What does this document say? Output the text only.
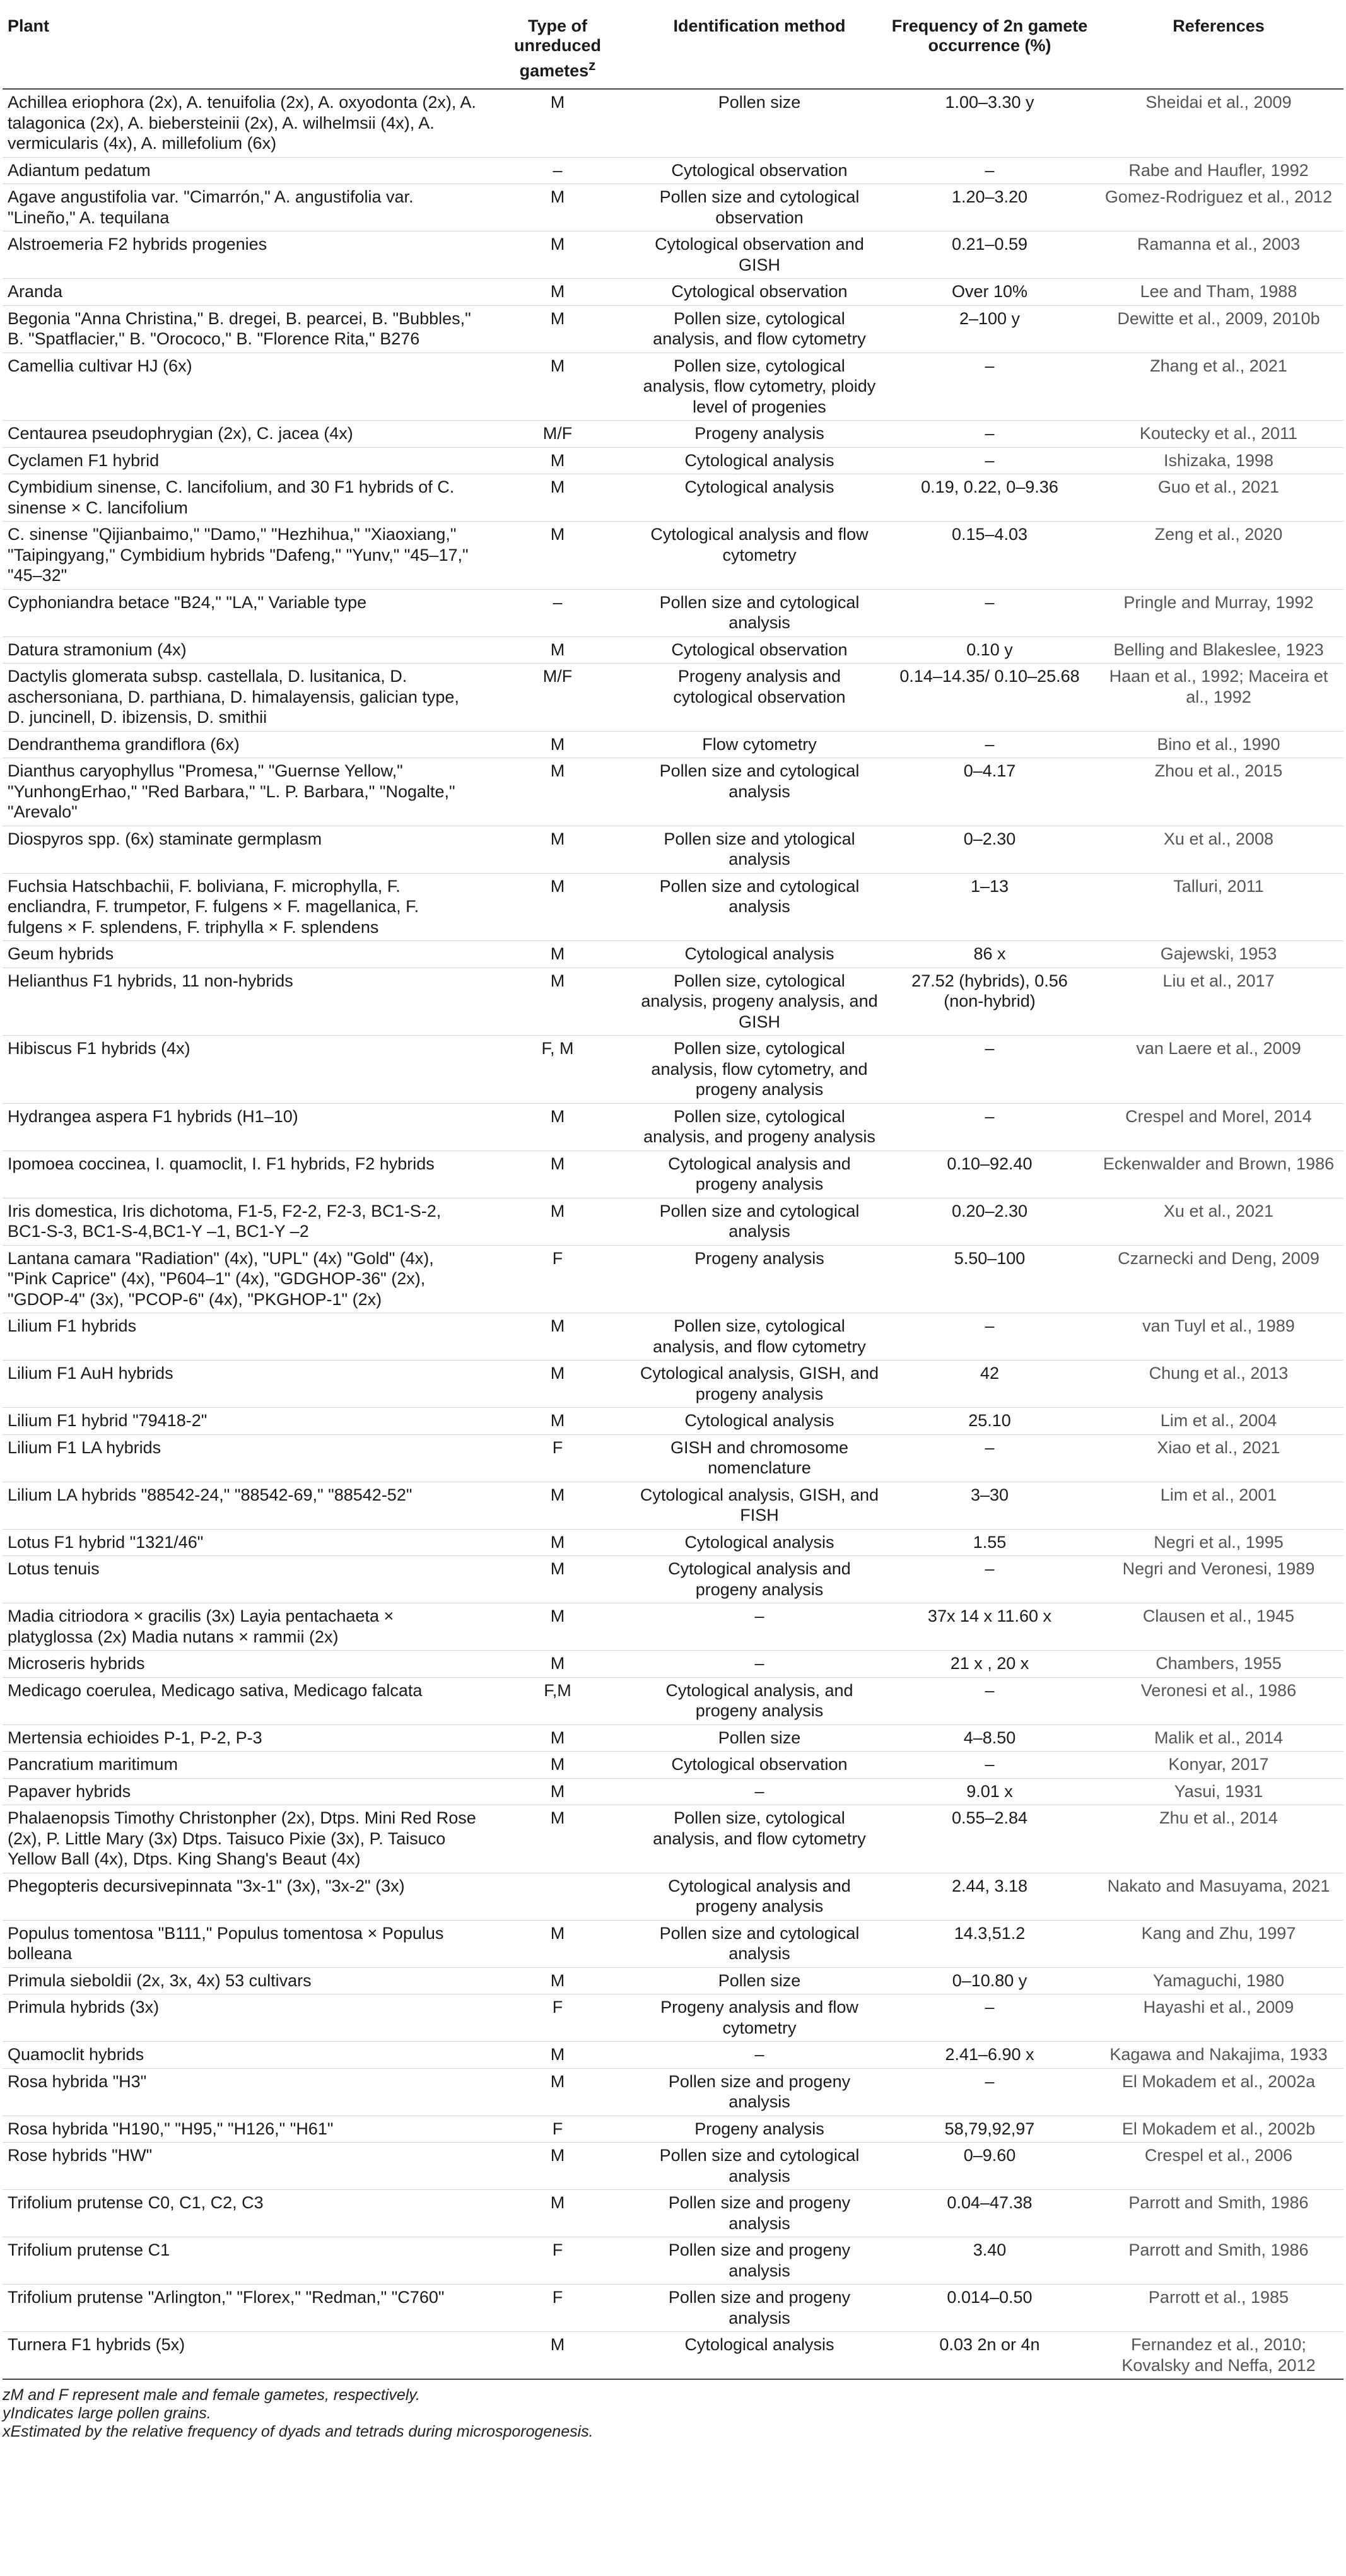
Plant	Type of unreduced gametes$^z$	Identification method	Frequency of 2n gamete occurrence (%)	References
Achillea eriophora (2x), A. tenuifolia (2x), A. oxyodonta (2x), A. talagonica (2x), A. biebersteinii (2x), A. wilhelmsii (4x), A. vermicularis (4x), A. millefolium (6x)	M	Pollen size	1.00–3.30 y	Sheidai et al., 2009
Adiantum pedatum	–	Cytological observation	–	Rabe and Haufler, 1992
Agave angustifolia var. "Cimarrón," A. angustifolia var. "Lineño," A. tequilana	M	Pollen size and cytological observation	1.20–3.20	Gomez-Rodriguez et al., 2012
Alstroemeria F2 hybrids progenies	M	Cytological observation and GISH	0.21–0.59	Ramanna et al., 2003
Aranda	M	Cytological observation	Over 10%	Lee and Tham, 1988
Begonia "Anna Christina," B. dregei, B. pearcei, B. "Bubbles," B. "Spatflacier," B. "Orococo," B. "Florence Rita," B276	M	Pollen size, cytological analysis, and flow cytometry	2–100 y	Dewitte et al., 2009, 2010b
Camellia cultivar HJ (6x)	M	Pollen size, cytological analysis, flow cytometry, ploidy level of progenies	–	Zhang et al., 2021
Centaurea pseudophrygian (2x), C. jacea (4x)	M/F	Progeny analysis	–	Koutecky et al., 2011
Cyclamen F1 hybrid	M	Cytological analysis	–	Ishizaka, 1998
Cymbidium sinense, C. lancifolium, and 30 F1 hybrids of C. sinense × C. lancifolium	M	Cytological analysis	0.19, 0.22, 0–9.36	Guo et al., 2021
C. sinense "Qijianbaimo," "Damo," "Hezhihua," "Xiaoxiang," "Taipingyang," Cymbidium hybrids "Dafeng," "Yunv," "45–17," "45–32"	M	Cytological analysis and flow cytometry	0.15–4.03	Zeng et al., 2020
Cyphoniandra betace "B24," "LA," Variable type	–	Pollen size and cytological analysis	–	Pringle and Murray, 1992
Datura stramonium (4x)	M	Cytological observation	0.10 y	Belling and Blakeslee, 1923
Dactylis glomerata subsp. castellala, D. lusitanica, D. aschersoniana, D. parthiana, D. himalayensis, galician type, D. juncinell, D. ibizensis, D. smithii	M/F	Progeny analysis and cytological observation	0.14–14.35/ 0.10–25.68	Haan et al., 1992; Maceira et al., 1992
Dendranthema grandiflora (6x)	M	Flow cytometry	–	Bino et al., 1990
Dianthus caryophyllus "Promesa," "Guernse Yellow," "YunhongErhao," "Red Barbara," "L. P. Barbara," "Nogalte," "Arevalo"	M	Pollen size and cytological analysis	0–4.17	Zhou et al., 2015
Diospyros spp. (6x) staminate germplasm	M	Pollen size and ytological analysis	0–2.30	Xu et al., 2008
Fuchsia Hatschbachii, F. boliviana, F. microphylla, F. encliandra, F. trumpetor, F. fulgens × F. magellanica, F. fulgens × F. splendens, F. triphylla × F. splendens	M	Pollen size and cytological analysis	1–13	Talluri, 2011
Geum hybrids	M	Cytological analysis	86 x	Gajewski, 1953
Helianthus F1 hybrids, 11 non-hybrids	M	Pollen size, cytological analysis, progeny analysis, and GISH	27.52 (hybrids), 0.56 (non-hybrid)	Liu et al., 2017
Hibiscus F1 hybrids (4x)	F, M	Pollen size, cytological analysis, flow cytometry, and progeny analysis	–	van Laere et al., 2009
Hydrangea aspera F1 hybrids (H1–10)	M	Pollen size, cytological analysis, and progeny analysis	–	Crespel and Morel, 2014
Ipomoea coccinea, I. quamoclit, I. F1 hybrids, F2 hybrids	M	Cytological analysis and progeny analysis	0.10–92.40	Eckenwalder and Brown, 1986
Iris domestica, Iris dichotoma, F1-5, F2-2, F2-3, BC1-S-2, BC1-S-3, BC1-S-4,BC1-Y –1, BC1-Y –2	M	Pollen size and cytological analysis	0.20–2.30	Xu et al., 2021
Lantana camara "Radiation" (4x), "UPL" (4x) "Gold" (4x), "Pink Caprice" (4x), "P604–1" (4x), "GDGHOP-36" (2x), "GDOP-4" (3x), "PCOP-6" (4x), "PKGHOP-1" (2x)	F	Progeny analysis	5.50–100	Czarnecki and Deng, 2009
Lilium F1 hybrids	M	Pollen size, cytological analysis, and flow cytometry	–	van Tuyl et al., 1989
Lilium F1 AuH hybrids	M	Cytological analysis, GISH, and progeny analysis	42	Chung et al., 2013
Lilium F1 hybrid "79418-2"	M	Cytological analysis	25.10	Lim et al., 2004
Lilium F1 LA hybrids	F	GISH and chromosome nomenclature	–	Xiao et al., 2021
Lilium LA hybrids "88542-24," "88542-69," "88542-52"	M	Cytological analysis, GISH, and FISH	3–30	Lim et al., 2001
Lotus F1 hybrid "1321/46"	M	Cytological analysis	1.55	Negri et al., 1995
Lotus tenuis	M	Cytological analysis and progeny analysis	–	Negri and Veronesi, 1989
Madia citriodora × gracilis (3x) Layia pentachaeta × platyglossa (2x) Madia nutans × rammii (2x)	M	–	37x 14 x 11.60 x	Clausen et al., 1945
Microseris hybrids	M	–	21 x , 20 x	Chambers, 1955
Medicago coerulea, Medicago sativa, Medicago falcata	F,M	Cytological analysis, and progeny analysis	–	Veronesi et al., 1986
Mertensia echioides P-1, P-2, P-3	M	Pollen size	4–8.50	Malik et al., 2014
Pancratium maritimum	M	Cytological observation	–	Konyar, 2017
Papaver hybrids	M	–	9.01 x	Yasui, 1931
Phalaenopsis Timothy Christonpher (2x), Dtps. Mini Red Rose (2x), P. Little Mary (3x) Dtps. Taisuco Pixie (3x), P. Taisuco Yellow Ball (4x), Dtps. King Shang's Beaut (4x)	M	Pollen size, cytological analysis, and flow cytometry	0.55–2.84	Zhu et al., 2014
Phegopteris decursivepinnata "3x-1" (3x), "3x-2" (3x)		Cytological analysis and progeny analysis	2.44, 3.18	Nakato and Masuyama, 2021
Populus tomentosa "B111," Populus tomentosa × Populus bolleana	M	Pollen size and cytological analysis	14.3,51.2	Kang and Zhu, 1997
Primula sieboldii (2x, 3x, 4x) 53 cultivars	M	Pollen size	0–10.80 y	Yamaguchi, 1980
Primula hybrids (3x)	F	Progeny analysis and flow cytometry	–	Hayashi et al., 2009
Quamoclit hybrids	M	–	2.41–6.90 x	Kagawa and Nakajima, 1933
Rosa hybrida "H3"	M	Pollen size and progeny analysis	–	El Mokadem et al., 2002a
Rosa hybrida "H190," "H95," "H126," "H61"	F	Progeny analysis	58,79,92,97	El Mokadem et al., 2002b
Rose hybrids "HW"	M	Pollen size and cytological analysis	0–9.60	Crespel et al., 2006
Trifolium prutense C0, C1, C2, C3	M	Pollen size and progeny analysis	0.04–47.38	Parrott and Smith, 1986
Trifolium prutense C1	F	Pollen size and progeny analysis	3.40	Parrott and Smith, 1986
Trifolium prutense "Arlington," "Florex," "Redman," "C760"	F	Pollen size and progeny analysis	0.014–0.50	Parrott et al., 1985
Turnera F1 hybrids (5x)	M	Cytological analysis	0.03 2n or 4n	Fernandez et al., 2010; Kovalsky and Neffa, 2012
zM and F represent male and female gametes, respectively.
yIndicates large pollen grains.
xEstimated by the relative frequency of dyads and tetrads during microsporogenesis.
